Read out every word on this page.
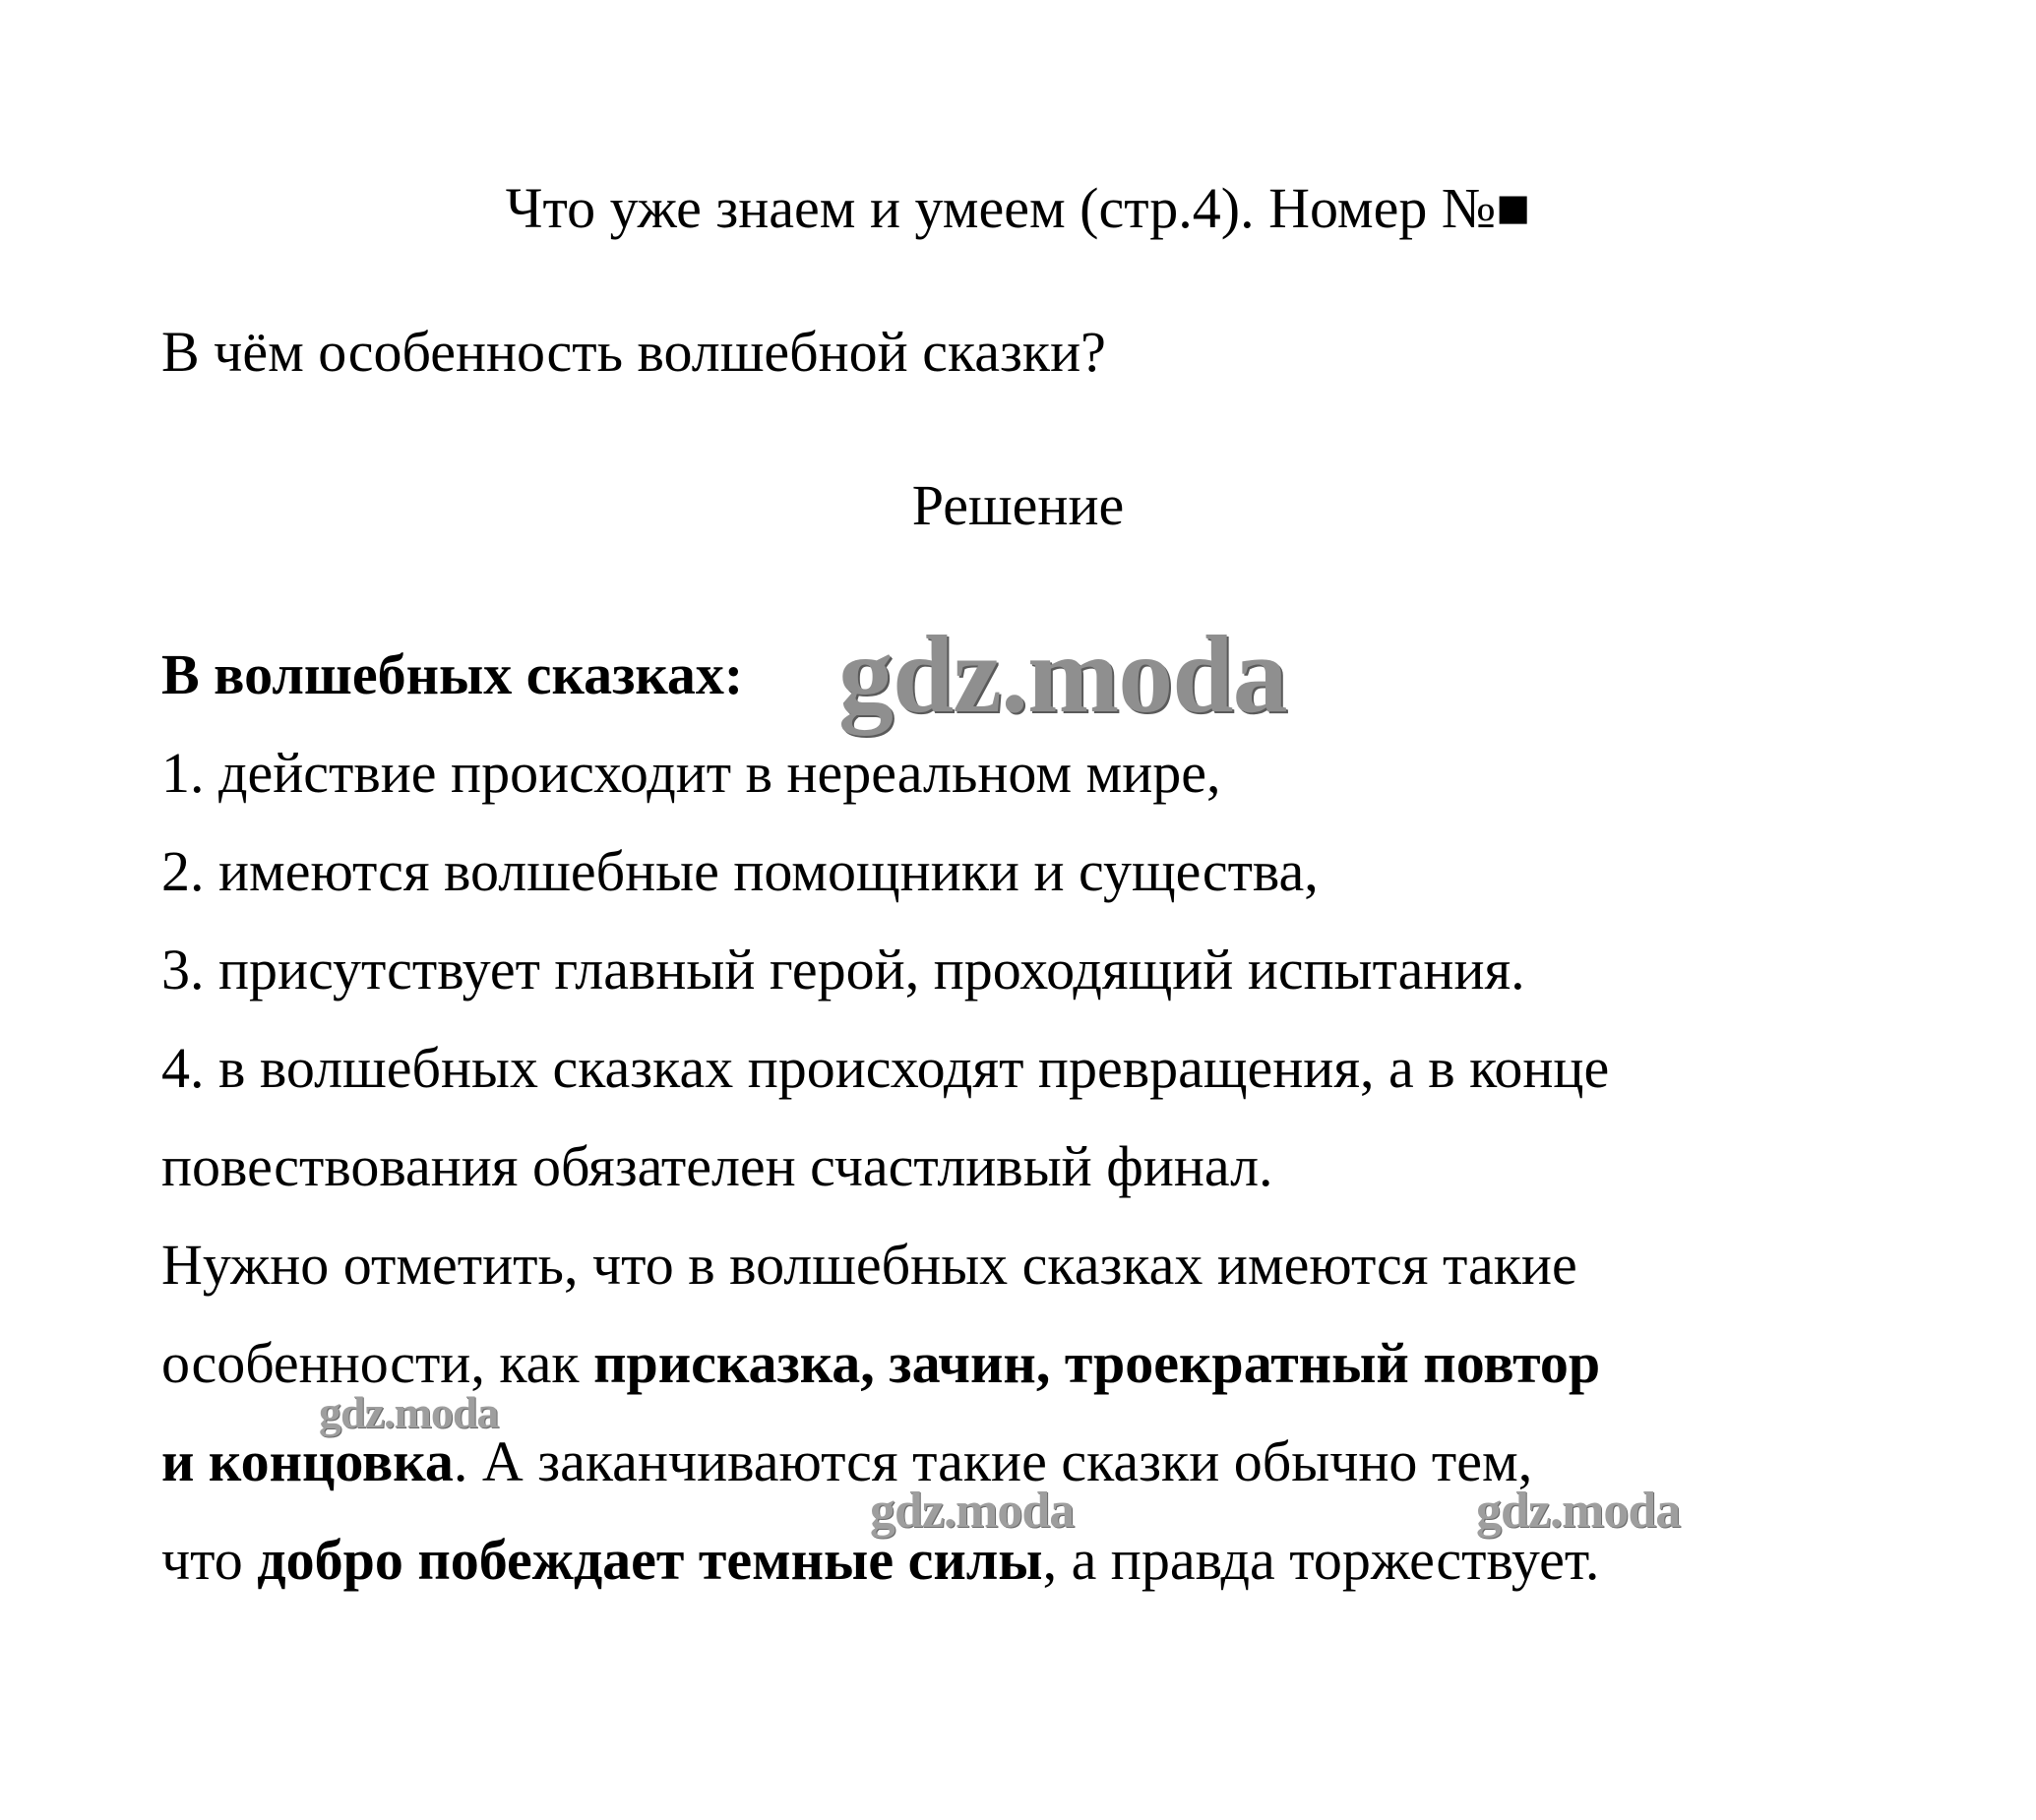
Что уже знаем и умеем (стр.4). Номер №■
В чём особенность волшебной сказки?
Решение
В волшебных сказках:
1. действие происходит в нереальном мире,
2. имеются волшебные помощники и существа,
3. присутствует главный герой, проходящий испытания.
4. в волшебных сказках происходят превращения, а в конце
повествования обязателен счастливый финал.
Нужно отметить, что в волшебных сказках имеются такие
особенности, как присказка, зачин, троекратный повтор
и концовка. А заканчиваются такие сказки обычно тем,
что добро побеждает темные силы, а правда торжествует.
gdz.moda
gdz.moda
gdz.moda	gdz.moda
